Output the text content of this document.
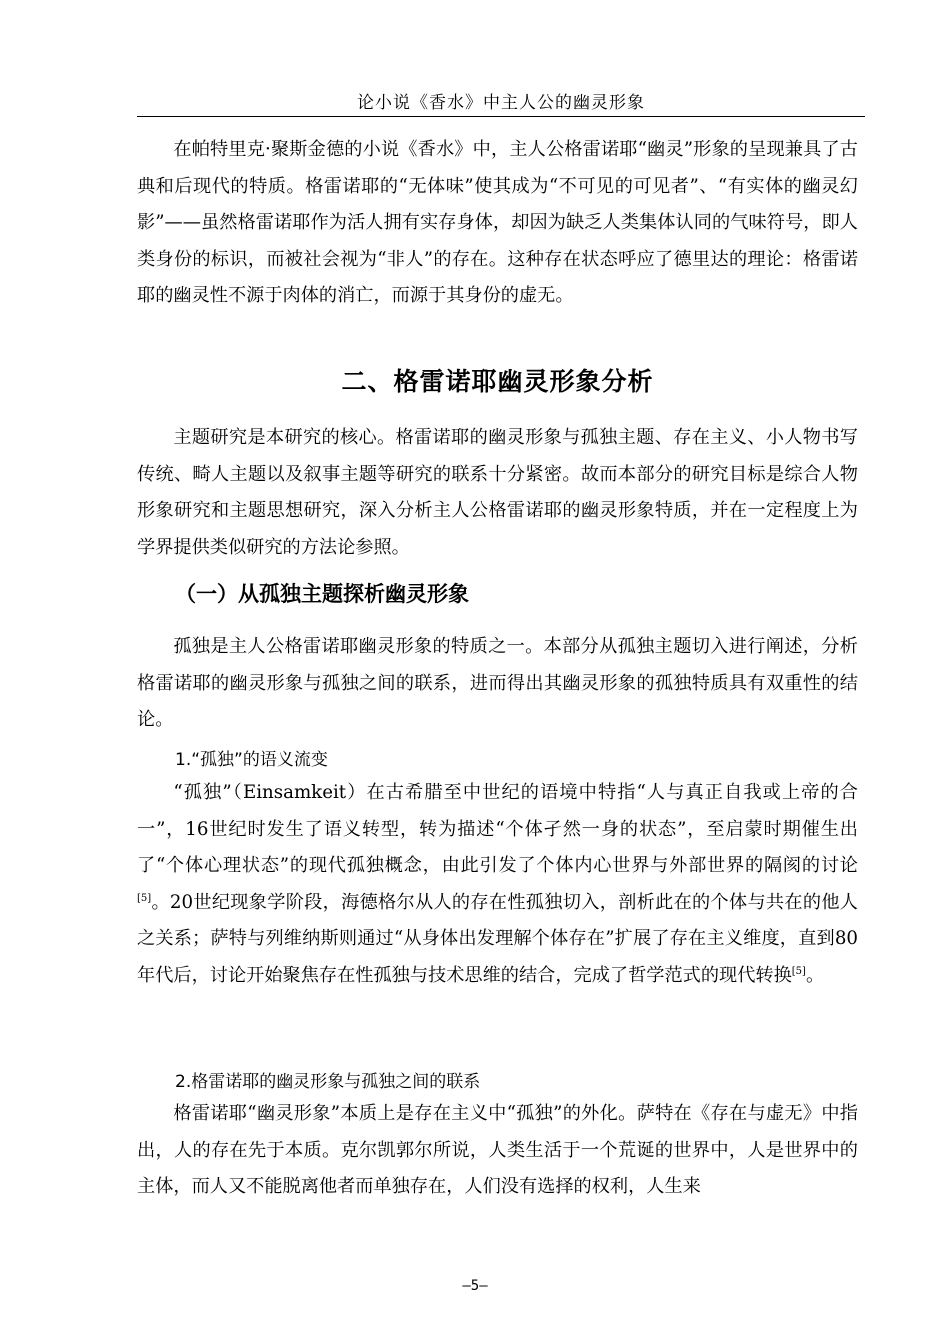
论小说《香水》中主人公的幽灵形象

在帕特里克·聚斯金德的小说《香水》中，主人公格雷诺耶“幽灵”形象的呈现兼具了古典和后现代的特质。格雷诺耶的“无体味”使其成为“不可见的可见者”、“有实体的幽灵幻影”——虽然格雷诺耶作为活人拥有实存身体，却因为缺乏人类集体认同的气味符号，即人类身份的标识，而被社会视为“非人”的存在。这种存在状态呼应了德里达的理论：格雷诺耶的幽灵性不源于肉体的消亡，而源于其身份的虚无。

二、格雷诺耶幽灵形象分析

主题研究是本研究的核心。格雷诺耶的幽灵形象与孤独主题、存在主义、小人物书写传统、畸人主题以及叙事主题等研究的联系十分紧密。故而本部分的研究目标是综合人物形象研究和主题思想研究，深入分析主人公格雷诺耶的幽灵形象特质，并在一定程度上为学界提供类似研究的方法论参照。

（一）从孤独主题探析幽灵形象

孤独是主人公格雷诺耶幽灵形象的特质之一。本部分从孤独主题切入进行阐述，分析格雷诺耶的幽灵形象与孤独之间的联系，进而得出其幽灵形象的孤独特质具有双重性的结论。

1.“孤独”的语义流变

“孤独”（Einsamkeit）在古希腊至中世纪的语境中特指“人与真正自我或上帝的合一”，16世纪时发生了语义转型，转为描述“个体孑然一身的状态”，至启蒙时期催生出了“个体心理状态”的现代孤独概念，由此引发了个体内心世界与外部世界的隔阂的讨论[5]。20世纪现象学阶段，海德格尔从人的存在性孤独切入，剖析此在的个体与共在的他人之关系；萨特与列维纳斯则通过“从身体出发理解个体存在”扩展了存在主义维度，直到80年代后，讨论开始聚焦存在性孤独与技术思维的结合，完成了哲学范式的现代转换[5]。

2.格雷诺耶的幽灵形象与孤独之间的联系

格雷诺耶“幽灵形象”本质上是存在主义中“孤独”的外化。萨特在《存在与虚无》中指出，人的存在先于本质。克尔凯郭尔所说，人类生活于一个荒诞的世界中，人是世界中的主体，而人又不能脱离他者而单独存在，人们没有选择的权利，人生来

—5—
